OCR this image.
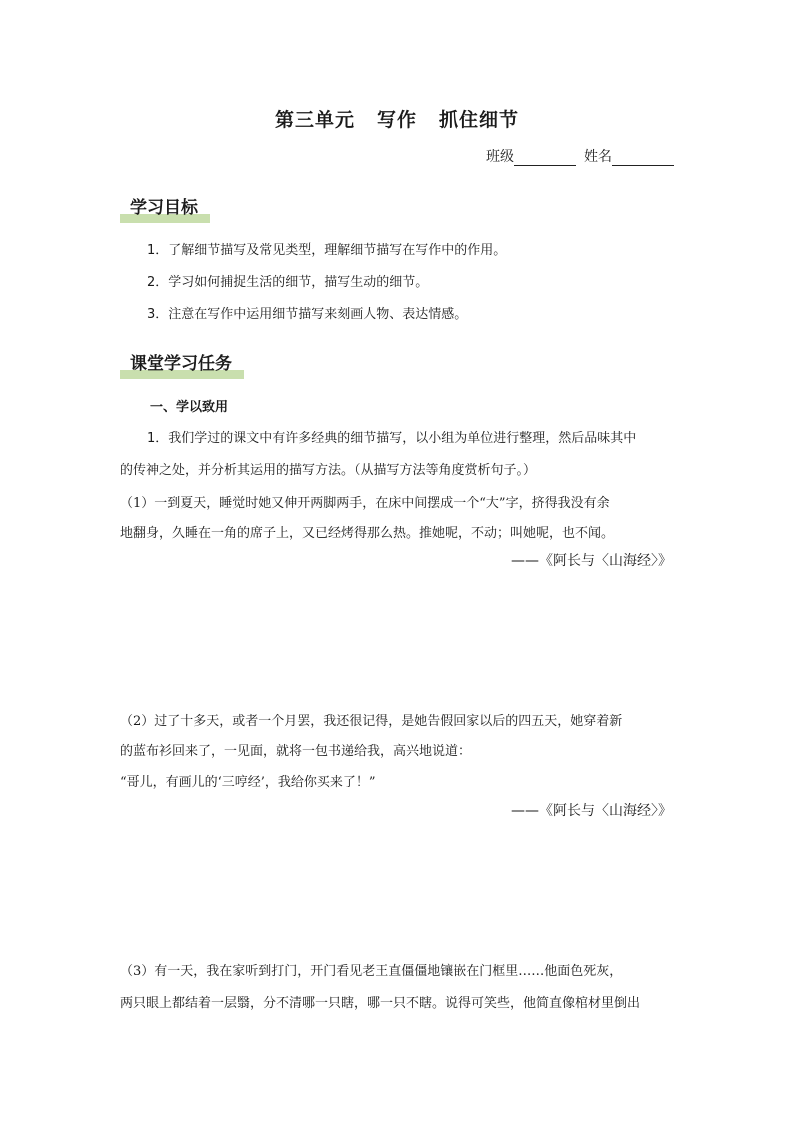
第三单元 写作 抓住细节
班级	姓名
学习目标
1．了解细节描写及常见类型，理解细节描写在写作中的作用。
2．学习如何捕捉生活的细节，描写生动的细节。
3．注意在写作中运用细节描写来刻画人物、表达情感。
课堂学习任务
一、学以致用
1．我们学过的课文中有许多经典的细节描写，以小组为单位进行整理，然后品味其中
的传神之处，并分析其运用的描写方法。（从描写方法等角度赏析句子。）
（1）一到夏天，睡觉时她又伸开两脚两手，在床中间摆成一个“大”字，挤得我没有余
地翻身，久睡在一角的席子上，又已经烤得那么热。推她呢，不动；叫她呢，也不闻。
——《阿长与〈山海经〉》
（2）过了十多天，或者一个月罢，我还很记得，是她告假回家以后的四五天，她穿着新
的蓝布衫回来了，一见面，就将一包书递给我，高兴地说道：
“哥儿，有画儿的‘三哼经’，我给你买来了！”
——《阿长与〈山海经〉》
（3）有一天，我在家听到打门，开门看见老王直僵僵地镶嵌在门框里……他面色死灰，
两只眼上都结着一层翳，分不清哪一只瞎，哪一只不瞎。说得可笑些，他简直像棺材里倒出
